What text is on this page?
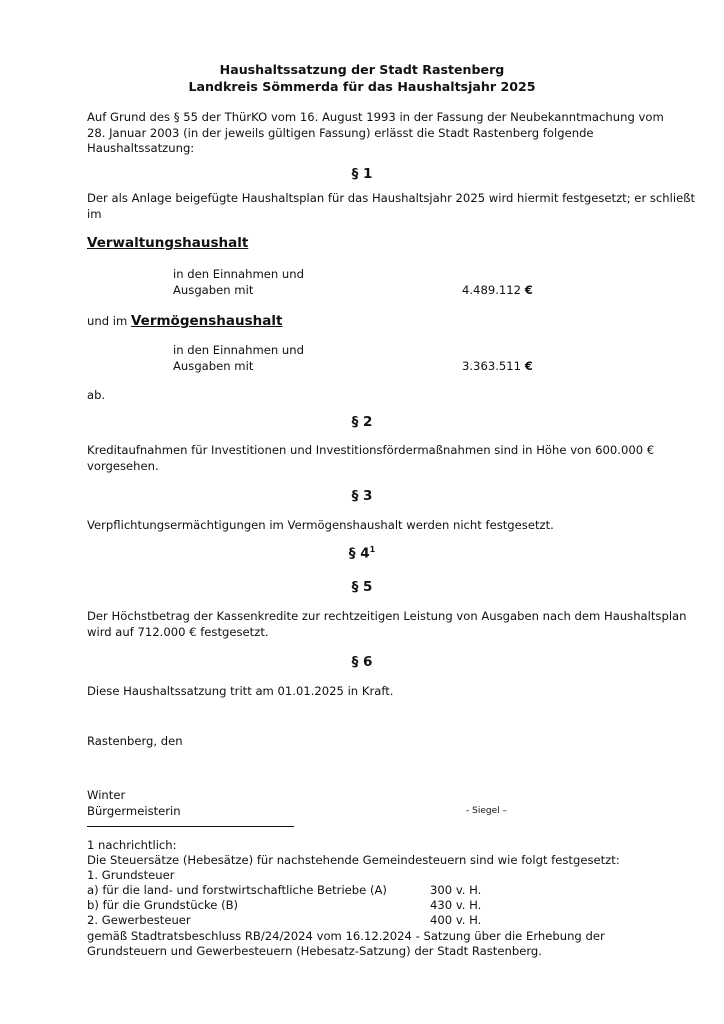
Haushaltssatzung der Stadt Rastenberg
Landkreis Sömmerda für das Haushaltsjahr 2025
Auf Grund des § 55 der ThürKO vom 16. August 1993 in der Fassung der Neubekanntmachung vom
28. Januar 2003 (in der jeweils gültigen Fassung) erlässt die Stadt Rastenberg folgende
Haushaltssatzung:
§ 1
Der als Anlage beigefügte Haushaltsplan für das Haushaltsjahr 2025 wird hiermit festgesetzt; er schließt
im
Verwaltungshaushalt
in den Einnahmen und
Ausgaben mit	4.489.112 €
und im Vermögenshaushalt
in den Einnahmen und
Ausgaben mit	3.363.511 €
ab.
§ 2
Kreditaufnahmen für Investitionen und Investitionsfördermaßnahmen sind in Höhe von 600.000 €
vorgesehen.
§ 3
Verpflichtungsermächtigungen im Vermögenshaushalt werden nicht festgesetzt.
§ $4^1$
§ 5
Der Höchstbetrag der Kassenkredite zur rechtzeitigen Leistung von Ausgaben nach dem Haushaltsplan
wird auf 712.000 € festgesetzt.
§ 6
Diese Haushaltssatzung tritt am 01.01.2025 in Kraft.
Rastenberg, den
Winter
Bürgermeisterin	- Siegel –
1 nachrichtlich:
Die Steuersätze (Hebesätze) für nachstehende Gemeindesteuern sind wie folgt festgesetzt:
1. Grundsteuer
a) für die land- und forstwirtschaftliche Betriebe (A)	300 v. H.
b) für die Grundstücke (B)	430 v. H.
2. Gewerbesteuer	400 v. H.
gemäß Stadtratsbeschluss RB/24/2024 vom 16.12.2024 - Satzung über die Erhebung der
Grundsteuern und Gewerbesteuern (Hebesatz-Satzung) der Stadt Rastenberg.
